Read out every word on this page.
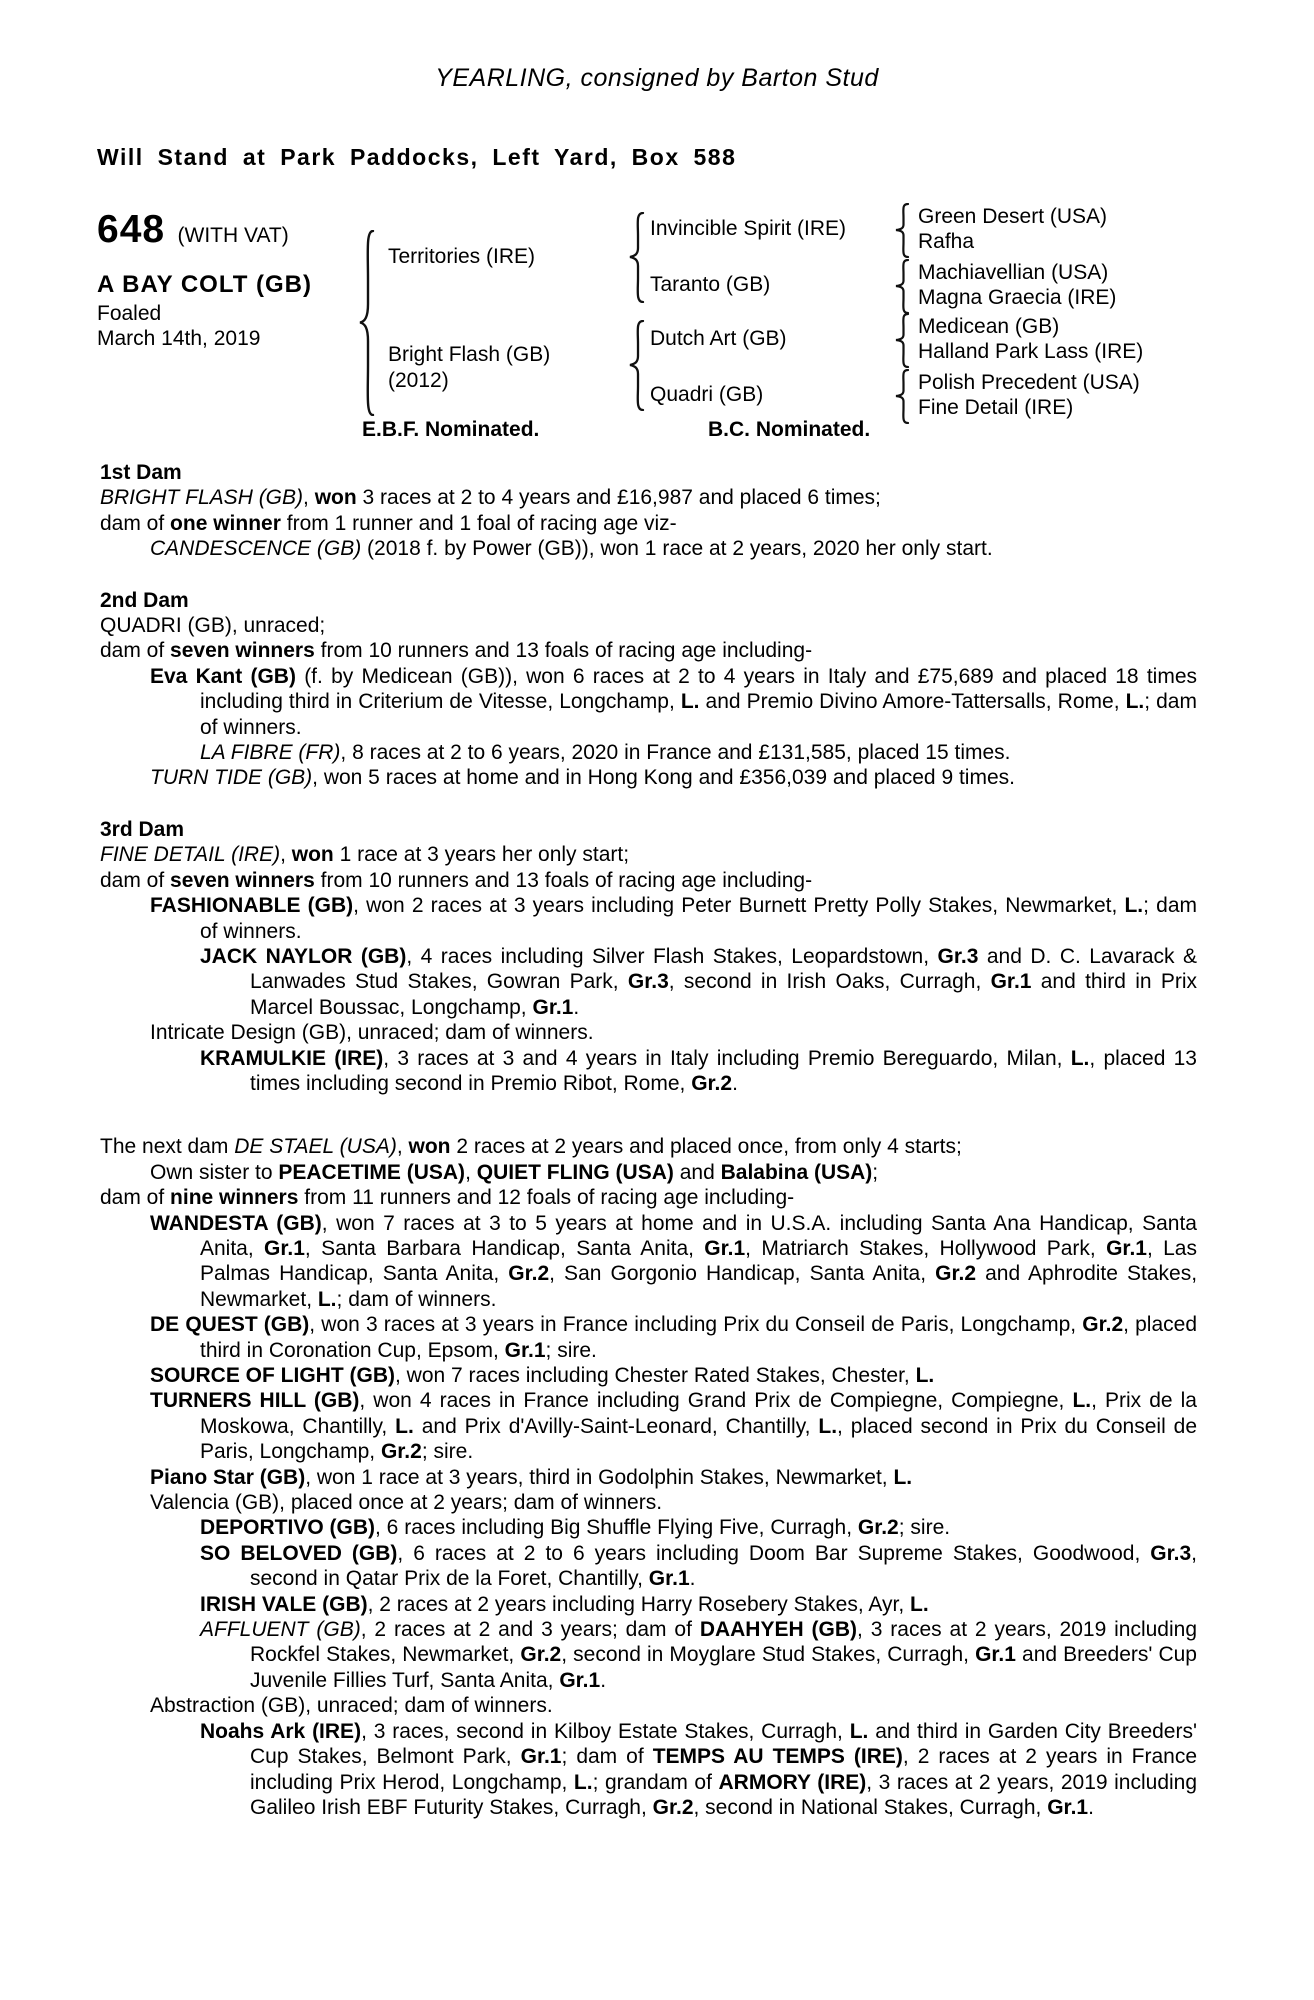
YEARLING, consigned by Barton Stud
Will Stand at Park Paddocks, Left Yard, Box 588
648 (WITH VAT)
A BAY COLT (GB)
Foaled
March 14th, 2019
Territories (IRE)
Bright Flash (GB)
(2012)
Invincible Spirit (IRE)
Taranto (GB)
Dutch Art (GB)
Quadri (GB)
Green Desert (USA)
Rafha
Machiavellian (USA)
Magna Graecia (IRE)
Medicean (GB)
Halland Park Lass (IRE)
Polish Precedent (USA)
Fine Detail (IRE)
E.B.F. Nominated.	B.C. Nominated.
1st Dam

BRIGHT FLASH (GB), won 3 races at 2 to 4 years and £16,987 and placed 6 times;

dam of one winner from 1 runner and 1 foal of racing age viz-

CANDESCENCE (GB) (2018 f. by Power (GB)), won 1 race at 2 years, 2020 her only start.

2nd Dam

QUADRI (GB), unraced;

dam of seven winners from 10 runners and 13 foals of racing age including-

Eva Kant (GB) (f. by Medicean (GB)), won 6 races at 2 to 4 years in Italy and £75,689 and placed 18 times including third in Criterium de Vitesse, Longchamp, L. and Premio Divino Amore-Tattersalls, Rome, L.; dam of winners.

LA FIBRE (FR), 8 races at 2 to 6 years, 2020 in France and £131,585, placed 15 times.

TURN TIDE (GB), won 5 races at home and in Hong Kong and £356,039 and placed 9 times.

3rd Dam

FINE DETAIL (IRE), won 1 race at 3 years her only start;

dam of seven winners from 10 runners and 13 foals of racing age including-

FASHIONABLE (GB), won 2 races at 3 years including Peter Burnett Pretty Polly Stakes, Newmarket, L.; dam of winners.

JACK NAYLOR (GB), 4 races including Silver Flash Stakes, Leopardstown, Gr.3 and D. C. Lavarack & Lanwades Stud Stakes, Gowran Park, Gr.3, second in Irish Oaks, Curragh, Gr.1 and third in Prix Marcel Boussac, Longchamp, Gr.1.

Intricate Design (GB), unraced; dam of winners.

KRAMULKIE (IRE), 3 races at 3 and 4 years in Italy including Premio Bereguardo, Milan, L., placed 13 times including second in Premio Ribot, Rome, Gr.2.

The next dam DE STAEL (USA), won 2 races at 2 years and placed once, from only 4 starts;

Own sister to PEACETIME (USA), QUIET FLING (USA) and Balabina (USA);

dam of nine winners from 11 runners and 12 foals of racing age including-

WANDESTA (GB), won 7 races at 3 to 5 years at home and in U.S.A. including Santa Ana Handicap, Santa Anita, Gr.1, Santa Barbara Handicap, Santa Anita, Gr.1, Matriarch Stakes, Hollywood Park, Gr.1, Las Palmas Handicap, Santa Anita, Gr.2, San Gorgonio Handicap, Santa Anita, Gr.2 and Aphrodite Stakes, Newmarket, L.; dam of winners.

DE QUEST (GB), won 3 races at 3 years in France including Prix du Conseil de Paris, Longchamp, Gr.2, placed third in Coronation Cup, Epsom, Gr.1; sire.

SOURCE OF LIGHT (GB), won 7 races including Chester Rated Stakes, Chester, L.

TURNERS HILL (GB), won 4 races in France including Grand Prix de Compiegne, Compiegne, L., Prix de la Moskowa, Chantilly, L. and Prix d'Avilly-Saint-Leonard, Chantilly, L., placed second in Prix du Conseil de Paris, Longchamp, Gr.2; sire.

Piano Star (GB), won 1 race at 3 years, third in Godolphin Stakes, Newmarket, L.

Valencia (GB), placed once at 2 years; dam of winners.

DEPORTIVO (GB), 6 races including Big Shuffle Flying Five, Curragh, Gr.2; sire.

SO BELOVED (GB), 6 races at 2 to 6 years including Doom Bar Supreme Stakes, Goodwood, Gr.3, second in Qatar Prix de la Foret, Chantilly, Gr.1.

IRISH VALE (GB), 2 races at 2 years including Harry Rosebery Stakes, Ayr, L.

AFFLUENT (GB), 2 races at 2 and 3 years; dam of DAAHYEH (GB), 3 races at 2 years, 2019 including Rockfel Stakes, Newmarket, Gr.2, second in Moyglare Stud Stakes, Curragh, Gr.1 and Breeders' Cup Juvenile Fillies Turf, Santa Anita, Gr.1.

Abstraction (GB), unraced; dam of winners.

Noahs Ark (IRE), 3 races, second in Kilboy Estate Stakes, Curragh, L. and third in Garden City Breeders' Cup Stakes, Belmont Park, Gr.1; dam of TEMPS AU TEMPS (IRE), 2 races at 2 years in France including Prix Herod, Longchamp, L.; grandam of ARMORY (IRE), 3 races at 2 years, 2019 including Galileo Irish EBF Futurity Stakes, Curragh, Gr.2, second in National Stakes, Curragh, Gr.1.
